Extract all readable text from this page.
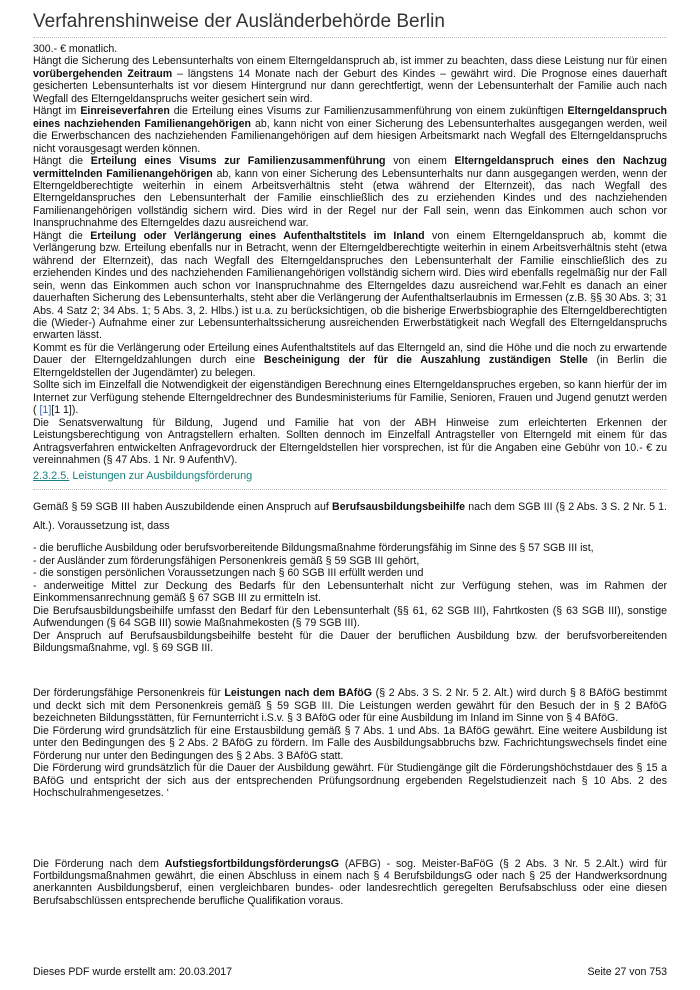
Verfahrenshinweise der Ausländerbehörde Berlin

300.- € monatlich.

Hängt die Sicherung des Lebensunterhalts von einem Elterngeldanspruch ab, ist immer zu beachten, dass diese Leistung nur für einen vorübergehenden Zeitraum – längstens 14 Monate nach der Geburt des Kindes – gewährt wird. Die Prognose eines dauerhaft gesicherten Lebensunterhalts ist vor diesem Hintergrund nur dann gerechtfertigt, wenn der Lebensunterhalt der Familie auch nach Wegfall des Elterngeldanspruchs weiter gesichert sein wird.

Hängt im Einreiseverfahren die Erteilung eines Visums zur Familienzusammenführung von einem zukünftigen Elterngeldanspruch eines nachziehenden Familienangehörigen ab, kann nicht von einer Sicherung des Lebensunterhaltes ausgegangen werden, weil die Erwerbschancen des nachziehenden Familienangehörigen auf dem hiesigen Arbeitsmarkt nach Wegfall des Elterngeldanspruchs nicht vorausgesagt werden können.

Hängt die Erteilung eines Visums zur Familienzusammenführung von einem Elterngeldanspruch eines den Nachzug vermittelnden Familienangehörigen ab, kann von einer Sicherung des Lebensunterhalts nur dann ausgegangen werden, wenn der Elterngeldberechtigte weiterhin in einem Arbeitsverhältnis steht (etwa während der Elternzeit), das nach Wegfall des Elterngeldanspruches den Lebensunterhalt der Familie einschließlich des zu erziehenden Kindes und des nachziehenden Familienangehörigen vollständig sichern wird. Dies wird in der Regel nur der Fall sein, wenn das Einkommen auch schon vor Inanspruchnahme des Elterngeldes dazu ausreichend war.

Hängt die Erteilung oder Verlängerung eines Aufenthaltstitels im Inland von einem Elterngeldanspruch ab, kommt die Verlängerung bzw. Erteilung ebenfalls nur in Betracht, wenn der Elterngeldberechtigte weiterhin in einem Arbeitsverhältnis steht (etwa während der Elternzeit), das nach Wegfall des Elterngeldanspruches den Lebensunterhalt der Familie einschließlich des zu erziehenden Kindes und des nachziehenden Familienangehörigen vollständig sichern wird. Dies wird ebenfalls regelmäßig nur der Fall sein, wenn das Einkommen auch schon vor Inanspruchnahme des Elterngeldes dazu ausreichend war.Fehlt es danach an einer dauerhaften Sicherung des Lebensunterhalts, steht aber die Verlängerung der Aufenthaltserlaubnis im Ermessen (z.B. §§ 30 Abs. 3; 31 Abs. 4 Satz 2; 34 Abs. 1; 5 Abs. 3, 2. Hlbs.) ist u.a. zu berücksichtigen, ob die bisherige Erwerbsbiographie des Elterngeldberechtigten die (Wieder-) Aufnahme einer zur Lebensunterhaltssicherung ausreichenden Erwerbstätigkeit nach Wegfall des Elterngeldanspruchs erwarten lässt.

Kommt es für die Verlängerung oder Erteilung eines Aufenthaltstitels auf das Elterngeld an, sind die Höhe und die noch zu erwartende Dauer der Elterngeldzahlungen durch eine Bescheinigung der für die Auszahlung zuständigen Stelle (in Berlin die Elterngeldstellen der Jugendämter) zu belegen.

Sollte sich im Einzelfall die Notwendigkeit der eigenständigen Berechnung eines Elterngeldanspruches ergeben, so kann hierfür der im Internet zur Verfügung stehende Elterngeldrechner des Bundesministeriums für Familie, Senioren, Frauen und Jugend genutzt werden ( [1][1 1]).

Die Senatsverwaltung für Bildung, Jugend und Familie hat von der ABH Hinweise zum erleichterten Erkennen der Leistungsberechtigung von Antragstellern erhalten. Sollten dennoch im Einzelfall Antragsteller von Elterngeld mit einem für das Antragsverfahren entwickelten Anfragevordruck der Elterngeldstellen hier vorsprechen, ist für die Angaben eine Gebühr von 10.- € zu vereinnahmen (§ 47 Abs. 1 Nr. 9 AufenthV).

2.3.2.5. Leistungen zur Ausbildungsförderung

Gemäß § 59 SGB III haben Auszubildende einen Anspruch auf Berufsausbildungsbeihilfe nach dem SGB III (§ 2 Abs. 3 S. 2 Nr. 5 1. Alt.). Voraussetzung ist, dass

- die berufliche Ausbildung oder berufsvorbereitende Bildungsmaßnahme förderungsfähig im Sinne des § 57 SGB III ist,

- der Ausländer zum förderungsfähigen Personenkreis gemäß § 59 SGB III gehört,

- die sonstigen persönlichen Voraussetzungen nach § 60 SGB III erfüllt werden und

- anderweitige Mittel zur Deckung des Bedarfs für den Lebensunterhalt nicht zur Verfügung stehen, was im Rahmen der Einkommensanrechnung gemäß § 67 SGB III zu ermitteln ist.

Die Berufsausbildungsbeihilfe umfasst den Bedarf für den Lebensunterhalt (§§ 61, 62 SGB III), Fahrtkosten (§ 63 SGB III), sonstige Aufwendungen (§ 64 SGB III) sowie Maßnahmekosten (§ 79 SGB III).

Der Anspruch auf Berufsausbildungsbeihilfe besteht für die Dauer der beruflichen Ausbildung bzw. der berufsvorbereitenden Bildungsmaßnahme, vgl. § 69 SGB III.

Der förderungsfähige Personenkreis für Leistungen nach dem BAföG (§ 2 Abs. 3 S. 2 Nr. 5 2. Alt.) wird durch § 8 BAföG bestimmt und deckt sich mit dem Personenkreis gemäß § 59 SGB III. Die Leistungen werden gewährt für den Besuch der in § 2 BAföG bezeichneten Bildungsstätten, für Fernunterricht i.S.v. § 3 BAföG oder für eine Ausbildung im Inland im Sinne von § 4 BAföG.

Die Förderung wird grundsätzlich für eine Erstausbildung gemäß § 7 Abs. 1 und Abs. 1a BAföG gewährt. Eine weitere Ausbildung ist unter den Bedingungen des § 2 Abs. 2 BAföG zu fördern. Im Falle des Ausbildungsabbruchs bzw. Fachrichtungswechsels findet eine Förderung nur unter den Bedingungen des § 2 Abs. 3 BAföG statt.

Die Förderung wird grundsätzlich für die Dauer der Ausbildung gewährt. Für Studiengänge gilt die Förderungshöchstdauer des § 15 a BAföG und entspricht der sich aus der entsprechenden Prüfungsordnung ergebenden Regelstudienzeit nach § 10 Abs. 2 des Hochschulrahmengesetzes. ‘

Die Förderung nach dem AufstiegsfortbildungsförderungsG (AFBG) - sog. Meister-BaFöG (§ 2 Abs. 3 Nr. 5 2.Alt.) wird für Fortbildungsmaßnahmen gewährt, die einen Abschluss in einem nach § 4 BerufsbildungsG oder nach § 25 der Handwerksordnung anerkannten Ausbildungsberuf, einen vergleichbaren bundes- oder landesrechtlich geregelten Berufsabschluss oder eine diesen Berufsabschlüssen entsprechende berufliche Qualifikation voraus.

Dieses PDF wurde erstellt am: 20.03.2017	Seite 27 von 753
